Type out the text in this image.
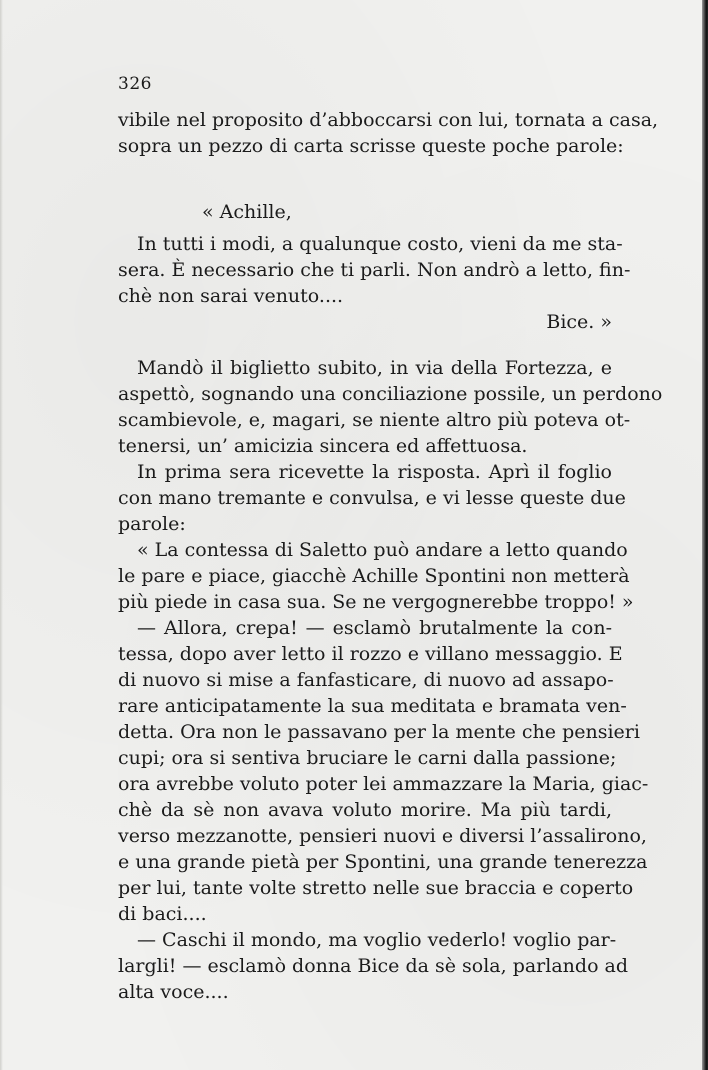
326
vibile nel proposito d’abboccarsi con lui, tornata a casa,
sopra un pezzo di carta scrisse queste poche parole:
« Achille,
In tutti i modi, a qualunque costo, vieni da me sta-
sera. È necessario che ti parli. Non andrò a letto, fin-
chè non sarai venuto....
Bice. »
Mandò il biglietto subito, in via della Fortezza, e
aspettò, sognando una conciliazione possile, un perdono
scambievole, e, magari, se niente altro più poteva ot-
tenersi, un’ amicizia sincera ed affettuosa.
In prima sera ricevette la risposta. Aprì il foglio
con mano tremante e convulsa, e vi lesse queste due
parole:
« La contessa di Saletto può andare a letto quando
le pare e piace, giacchè Achille Spontini non metterà
più piede in casa sua. Se ne vergognerebbe troppo! »
— Allora, crepa! — esclamò brutalmente la con-
tessa, dopo aver letto il rozzo e villano messaggio. E
di nuovo si mise a fanfasticare, di nuovo ad assapo-
rare anticipatamente la sua meditata e bramata ven-
detta. Ora non le passavano per la mente che pensieri
cupi; ora si sentiva bruciare le carni dalla passione;
ora avrebbe voluto poter lei ammazzare la Maria, giac-
chè da sè non avava voluto morire. Ma più tardi,
verso mezzanotte, pensieri nuovi e diversi l’assalirono,
e una grande pietà per Spontini, una grande tenerezza
per lui, tante volte stretto nelle sue braccia e coperto
di baci....
— Caschi il mondo, ma voglio vederlo! voglio par-
largli! — esclamò donna Bice da sè sola, parlando ad
alta voce....
